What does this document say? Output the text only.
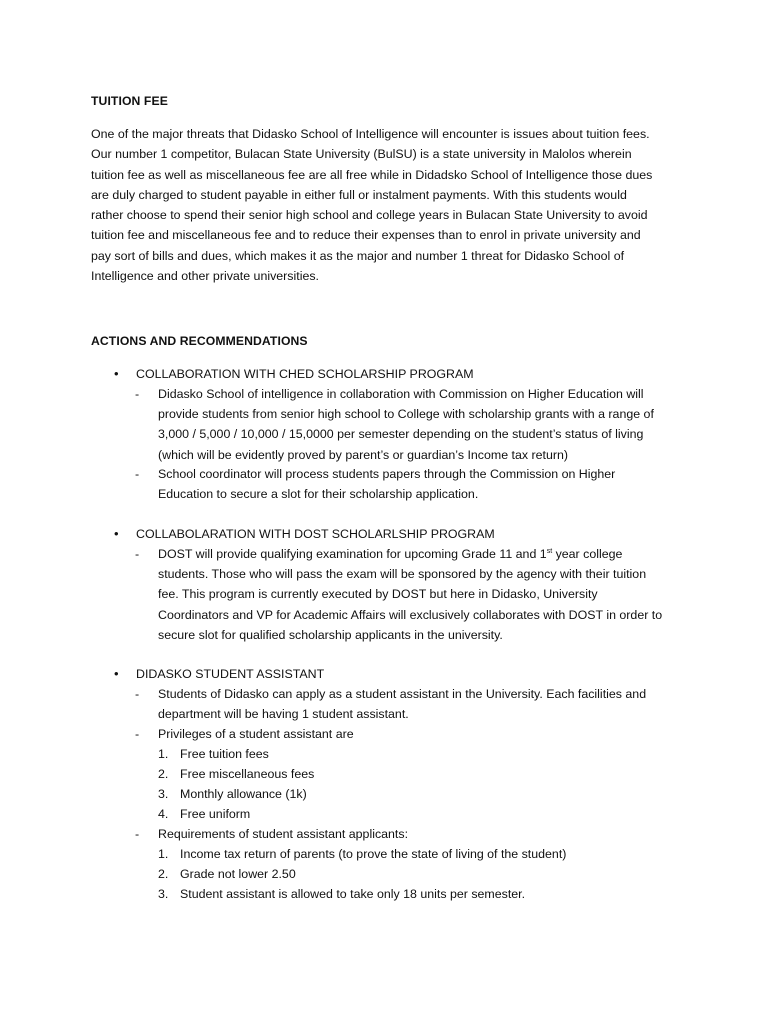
TUITION FEE
One of the major threats that Didasko School of Intelligence will encounter is issues about tuition fees.
Our number 1 competitor, Bulacan State University (BulSU) is a state university in Malolos wherein
tuition fee as well as miscellaneous fee are all free while in Didadsko School of Intelligence those dues
are duly charged to student payable in either full or instalment payments. With this students would
rather choose to spend their senior high school and college years in Bulacan State University to avoid
tuition fee and miscellaneous fee and to reduce their expenses than to enrol in private university and
pay sort of bills and dues, which makes it as the major and number 1 threat for Didasko School of
Intelligence and other private universities.
ACTIONS AND RECOMMENDATIONS
•	COLLABORATION WITH CHED SCHOLARSHIP PROGRAM
- Didasko School of intelligence in collaboration with Commission on Higher Education will
provide students from senior high school to College with scholarship grants with a range of
3,000 / 5,000 / 10,000 / 15,0000 per semester depending on the student’s status of living
(which will be evidently proved by parent’s or guardian’s Income tax return)
- School coordinator will process students papers through the Commission on Higher
Education to secure a slot for their scholarship application.
•	COLLABOLARATION WITH DOST SCHOLARLSHIP PROGRAM
- DOST will provide qualifying examination for upcoming Grade 11 and 1st year college
students. Those who will pass the exam will be sponsored by the agency with their tuition
fee. This program is currently executed by DOST but here in Didasko, University
Coordinators and VP for Academic Affairs will exclusively collaborates with DOST in order to
secure slot for qualified scholarship applicants in the university.
•	DIDASKO STUDENT ASSISTANT
- Students of Didasko can apply as a student assistant in the University. Each facilities and
department will be having 1 student assistant.
- Privileges of a student assistant are
1. Free tuition fees
2. Free miscellaneous fees
3. Monthly allowance (1k)
4. Free uniform
- Requirements of student assistant applicants:
1. Income tax return of parents (to prove the state of living of the student)
2. Grade not lower 2.50
3. Student assistant is allowed to take only 18 units per semester.
